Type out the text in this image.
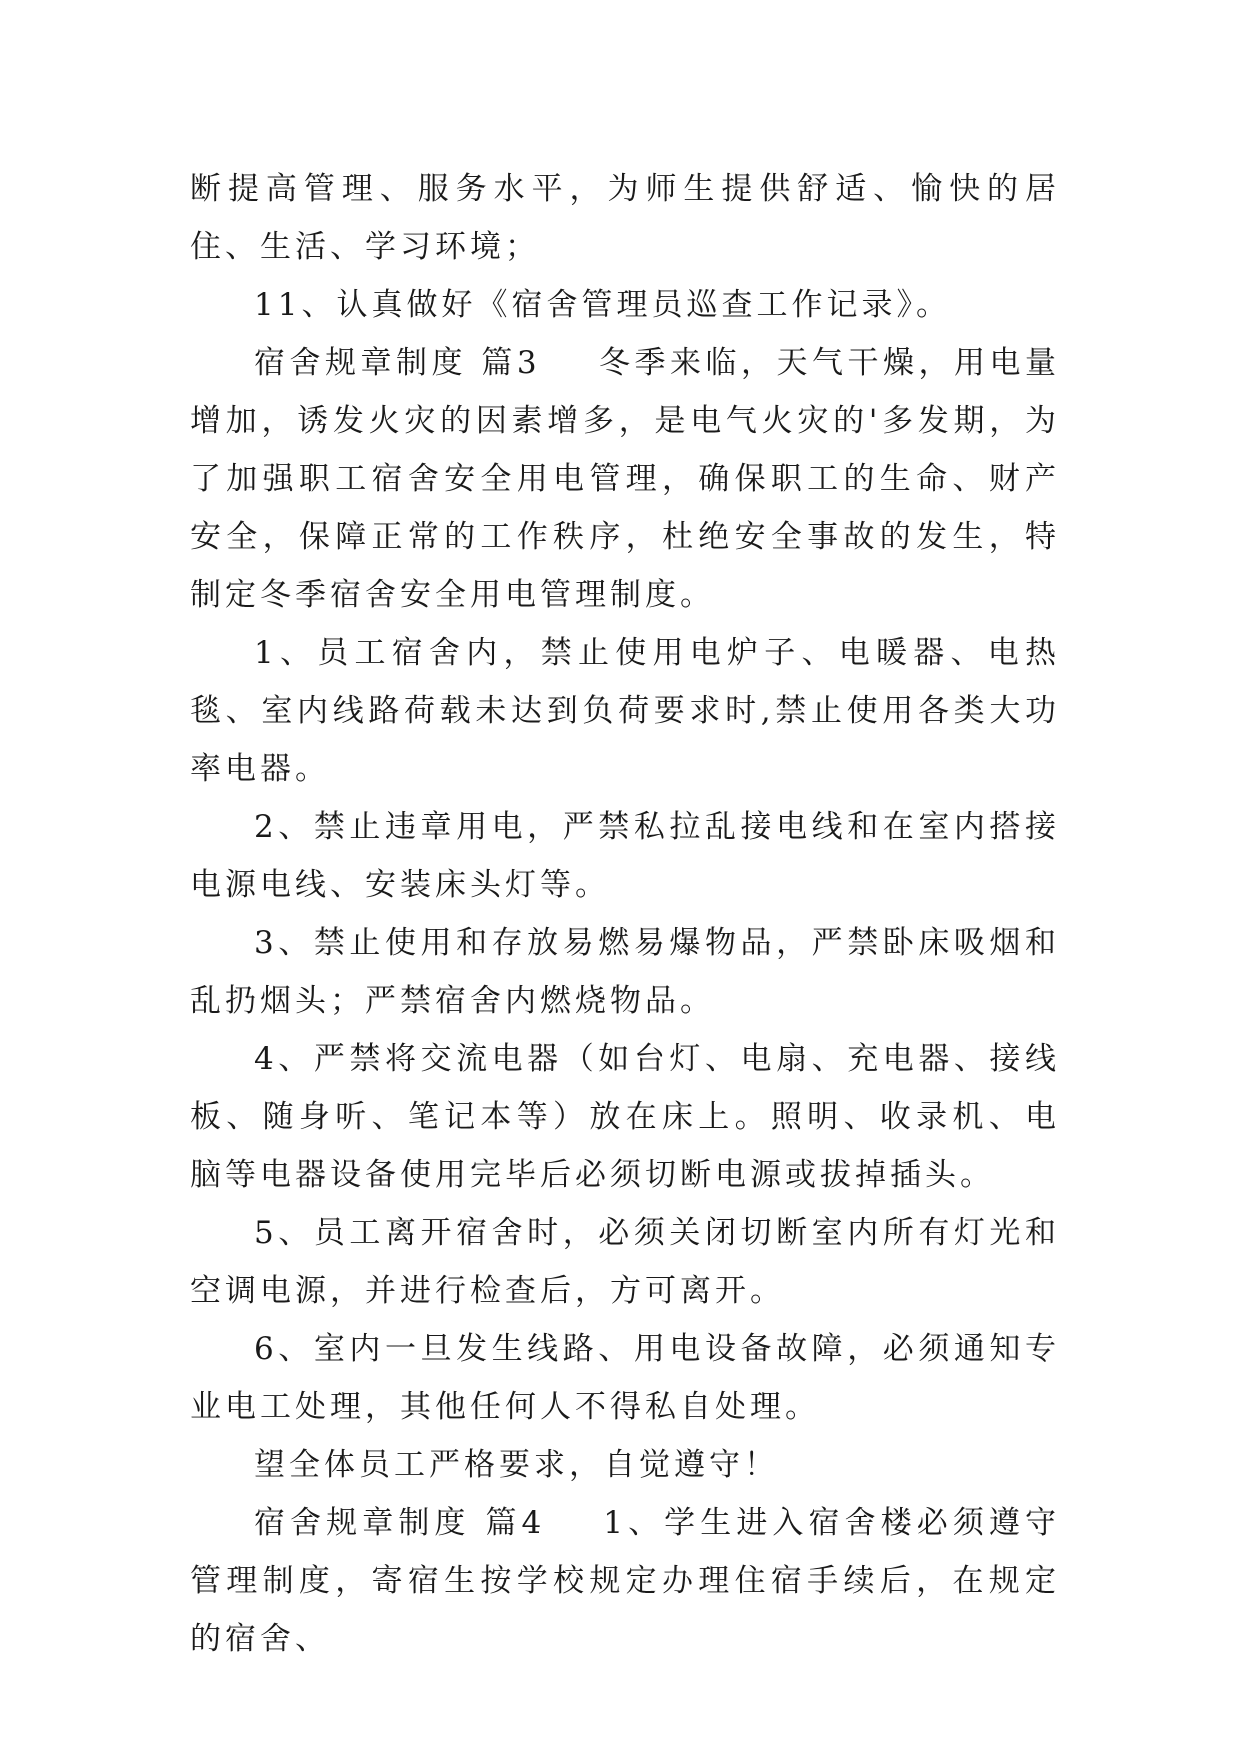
断提高管理、服务水平，为师生提供舒适、愉快的居住、生活、学习环境；

11、认真做好《宿舍管理员巡查工作记录》。

宿舍规章制度 篇3 冬季来临，天气干燥，用电量增加，诱发火灾的因素增多，是电气火灾的'多发期，为了加强职工宿舍安全用电管理，确保职工的生命、财产安全，保障正常的工作秩序，杜绝安全事故的发生，特制定冬季宿舍安全用电管理制度。

1、员工宿舍内，禁止使用电炉子、电暖器、电热毯、室内线路荷载未达到负荷要求时,禁止使用各类大功率电器。

2、禁止违章用电，严禁私拉乱接电线和在室内搭接电源电线、安装床头灯等。

3、禁止使用和存放易燃易爆物品，严禁卧床吸烟和乱扔烟头；严禁宿舍内燃烧物品。

4、严禁将交流电器（如台灯、电扇、充电器、接线板、随身听、笔记本等）放在床上。照明、收录机、电脑等电器设备使用完毕后必须切断电源或拔掉插头。

5、员工离开宿舍时，必须关闭切断室内所有灯光和空调电源，并进行检查后，方可离开。

6、室内一旦发生线路、用电设备故障，必须通知专业电工处理，其他任何人不得私自处理。

望全体员工严格要求，自觉遵守！

宿舍规章制度 篇4 1、学生进入宿舍楼必须遵守管理制度，寄宿生按学校规定办理住宿手续后，在规定的宿舍、
